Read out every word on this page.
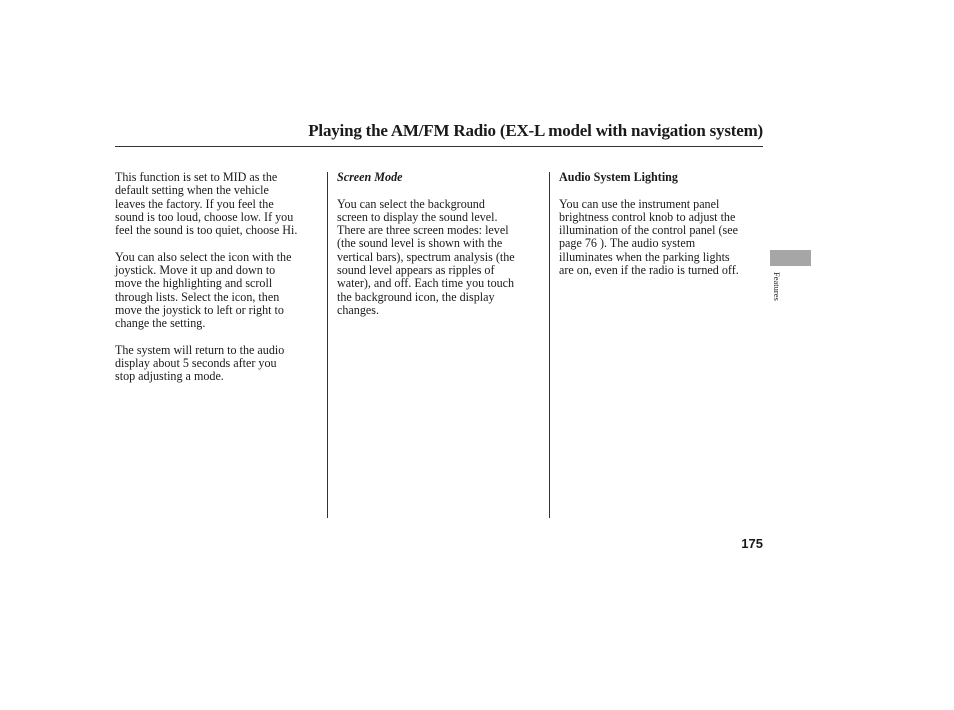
Playing the AM/FM Radio (EX-L model with navigation system)

This function is set to MID as the
default setting when the vehicle
leaves the factory. If you feel the
sound is too loud, choose low. If you
feel the sound is too quiet, choose Hi.

You can also select the icon with the
joystick. Move it up and down to
move the highlighting and scroll
through lists. Select the icon, then
move the joystick to left or right to
change the setting.

The system will return to the audio
display about 5 seconds after you
stop adjusting a mode.

Screen Mode

You can select the background
screen to display the sound level.
There are three screen modes: level
(the sound level is shown with the
vertical bars), spectrum analysis (the
sound level appears as ripples of
water), and off. Each time you touch
the background icon, the display
changes.

Audio System Lighting

You can use the instrument panel
brightness control knob to adjust the
illumination of the control panel (see
page 76 ). The audio system
illuminates when the parking lights
are on, even if the radio is turned off.

Features
175
